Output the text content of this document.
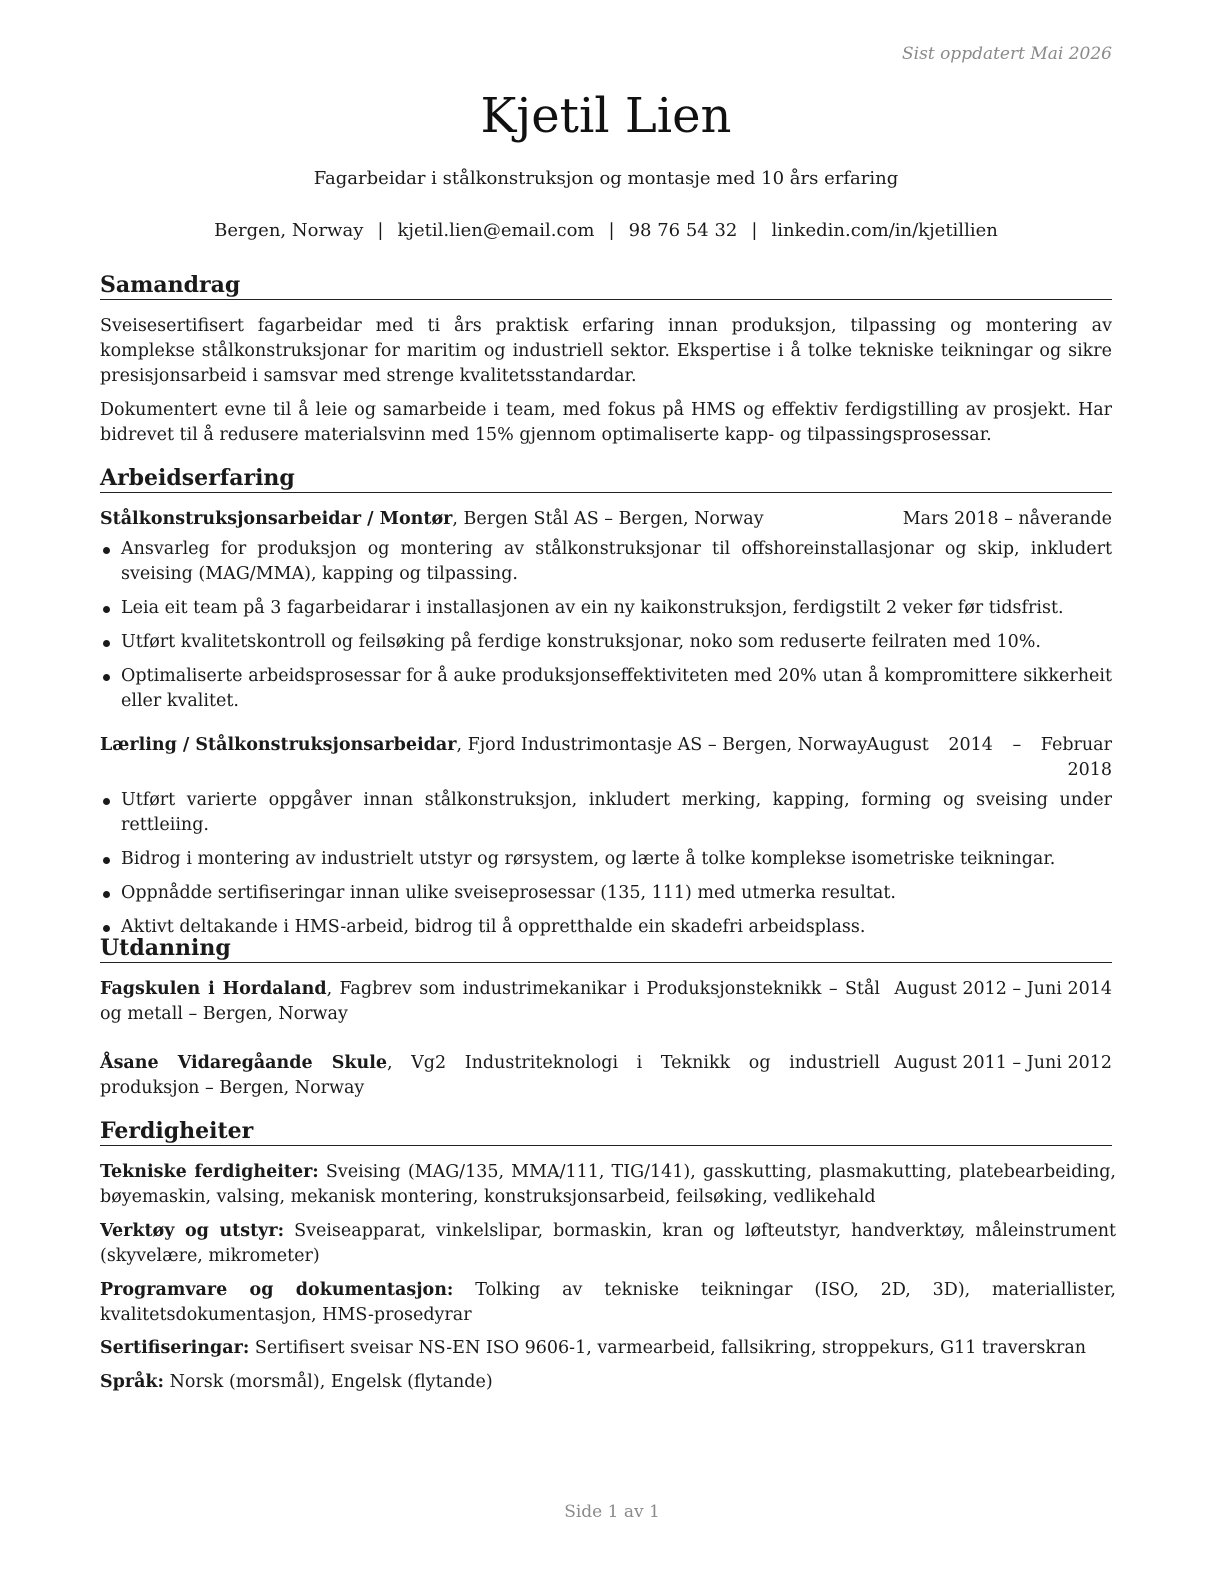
Sist oppdatert Mai 2026
Kjetil Lien
Fagarbeidar i stålkonstruksjon og montasje med 10 års erfaring
Bergen, Norway | kjetil.lien@email.com | 98 76 54 32 | linkedin.com/in/kjetillien
Samandrag
Sveisesertifisert fagarbeidar med ti års praktisk erfaring innan produksjon, tilpassing og montering av komplekse stålkonstruksjonar for maritim og industriell sektor. Ekspertise i å tolke tekniske teikningar og sikre presisjonsarbeid i samsvar med strenge kvalitetsstandardar.
Dokumentert evne til å leie og samarbeide i team, med fokus på HMS og effektiv ferdigstilling av prosjekt. Har bidrevet til å redusere materialsvinn med 15% gjennom optimaliserte kapp- og tilpassingsprosessar.
Arbeidserfaring
Stålkonstruksjonsarbeidar / Montør, Bergen Stål AS – Bergen, Norway	Mars 2018 – nåverande
Ansvarleg for produksjon og montering av stålkonstruksjonar til offshoreinstallasjonar og skip, inkludert sveising (MAG/MMA), kapping og tilpassing.
Leia eit team på 3 fagarbeidarar i installasjonen av ein ny kaikonstruksjon, ferdigstilt 2 veker før tidsfrist.
Utført kvalitetskontroll og feilsøking på ferdige konstruksjonar, noko som reduserte feilraten med 10%.
Optimaliserte arbeidsprosessar for å auke produksjonseffektiviteten med 20% utan å kompromittere sikkerheit eller kvalitet.
Lærling / Stålkonstruksjonsarbeidar, Fjord Industrimontasje AS – Bergen, Norway August 2014 – Februar
2018
Utført varierte oppgåver innan stålkonstruksjon, inkludert merking, kapping, forming og sveising under rettleiing.
Bidrog i montering av industrielt utstyr og rørsystem, og lærte å tolke komplekse isometriske teikningar.
Oppnådde sertifiseringar innan ulike sveiseprosessar (135, 111) med utmerka resultat.
Aktivt deltakande i HMS-arbeid, bidrog til å oppretthalde ein skadefri arbeidsplass.
Utdanning
Fagskulen i Hordaland, Fagbrev som industrimekanikar i Produksjonsteknikk – Stål og metall – Bergen, Norway
August 2012 – Juni 2014
Åsane Vidaregåande Skule, Vg2 Industriteknologi i Teknikk og industriell produksjon – Bergen, Norway
August 2011 – Juni 2012
Ferdigheiter
Tekniske ferdigheiter: Sveising (MAG/135, MMA/111, TIG/141), gasskutting, plasmakutting, platebearbeiding, bøyemaskin, valsing, mekanisk montering, konstruksjonsarbeid, feilsøking, vedlikehald
Verktøy og utstyr: Sveiseapparat, vinkelslipar, bormaskin, kran og løfteutstyr, handverktøy, måleinstrument (skyvelære, mikrometer)
Programvare og dokumentasjon: Tolking av tekniske teikningar (ISO, 2D, 3D), materiallister, kvalitetsdokumentasjon, HMS-prosedyrar
Sertifiseringar: Sertifisert sveisar NS-EN ISO 9606-1, varmearbeid, fallsikring, stroppekurs, G11 traverskran
Språk: Norsk (morsmål), Engelsk (flytande)
Side 1 av 1
